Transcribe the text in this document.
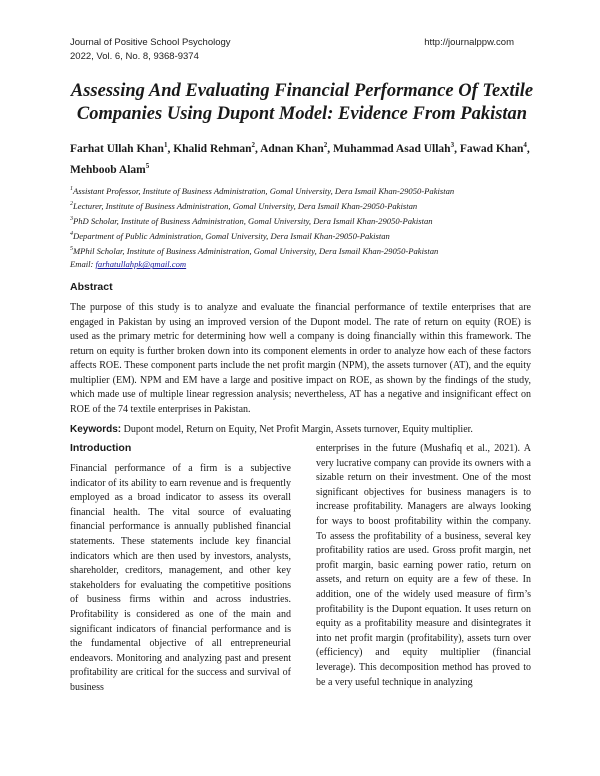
Journal of Positive School Psychology
2022, Vol. 6, No. 8, 9368-9374
http://journalppw.com
Assessing And Evaluating Financial Performance Of Textile Companies Using Dupont Model: Evidence From Pakistan
Farhat Ullah Khan$^1$, Khalid Rehman$^2$, Adnan Khan$^2$, Muhammad Asad Ullah$^3$, Fawad Khan$^4$, Mehboob Alam$^5$
$^1$Assistant Professor, Institute of Business Administration, Gomal University, Dera Ismail Khan-29050-Pakistan
$^2$Lecturer, Institute of Business Administration, Gomal University, Dera Ismail Khan-29050-Pakistan
$^3$PhD Scholar, Institute of Business Administration, Gomal University, Dera Ismail Khan-29050-Pakistan
$^4$Department of Public Administration, Gomal University, Dera Ismail Khan-29050-Pakistan
$^5$MPhil Scholar, Institute of Business Administration, Gomal University, Dera Ismail Khan-29050-Pakistan
Email: farhatullahpk@gmail.com
Abstract
The purpose of this study is to analyze and evaluate the financial performance of textile enterprises that are engaged in Pakistan by using an improved version of the Dupont model. The rate of return on equity (ROE) is used as the primary metric for determining how well a company is doing financially within this framework. The return on equity is further broken down into its component elements in order to analyze how each of these factors affects ROE. These component parts include the net profit margin (NPM), the assets turnover (AT), and the equity multiplier (EM). NPM and EM have a large and positive impact on ROE, as shown by the findings of the study, which made use of multiple linear regression analysis; nevertheless, AT has a negative and insignificant effect on ROE of the 74 textile enterprises in Pakistan.
Keywords: Dupont model, Return on Equity, Net Profit Margin, Assets turnover, Equity multiplier.
Introduction
Financial performance of a firm is a subjective indicator of its ability to earn revenue and is frequently employed as a broad indicator to assess its overall financial health. The vital source of evaluating financial performance is annually published financial statements. These statements include key financial indicators which are then used by investors, analysts, shareholder, creditors, management, and other key stakeholders for evaluating the competitive positions of business firms within and across industries. Profitability is considered as one of the main and significant indicators of financial performance and is the fundamental objective of all entrepreneurial endeavors. Monitoring and analyzing past and present profitability are critical for the success and survival of business
enterprises in the future (Mushafiq et al., 2021). A very lucrative company can provide its owners with a sizable return on their investment. One of the most significant objectives for business managers is to increase profitability. Managers are always looking for ways to boost profitability within the company. To assess the profitability of a business, several key profitability ratios are used. Gross profit margin, net profit margin, basic earning power ratio, return on assets, and return on equity are a few of these. In addition, one of the widely used measure of firm’s profitability is the Dupont equation. It uses return on equity as a profitability measure and disintegrates it into net profit margin (profitability), assets turn over (efficiency) and equity multiplier (financial leverage). This decomposition method has proved to be a very useful technique in analyzing
